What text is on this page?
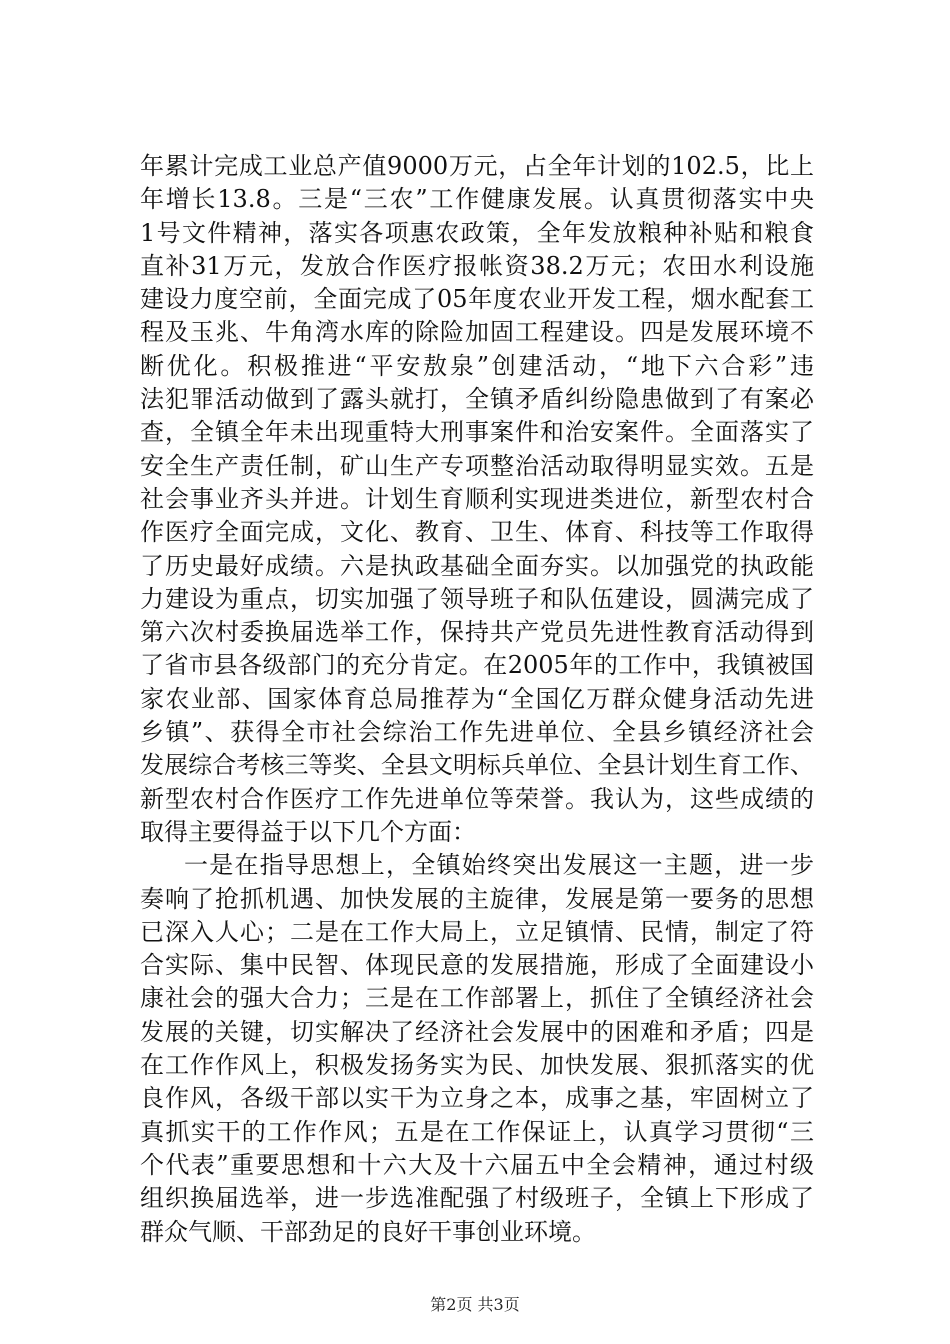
年累计完成工业总产值9000万元，占全年计划的102.5，比上
年增长13.8。三是“三农”工作健康发展。认真贯彻落实中央
1号文件精神，落实各项惠农政策，全年发放粮种补贴和粮食
直补31万元，发放合作医疗报帐资38.2万元；农田水利设施
建设力度空前，全面完成了05年度农业开发工程，烟水配套工
程及玉兆、牛角湾水库的除险加固工程建设。四是发展环境不
断优化。积极推进“平安敖泉”创建活动，“地下六合彩”违
法犯罪活动做到了露头就打，全镇矛盾纠纷隐患做到了有案必
查，全镇全年未出现重特大刑事案件和治安案件。全面落实了
安全生产责任制，矿山生产专项整治活动取得明显实效。五是
社会事业齐头并进。计划生育顺利实现进类进位，新型农村合
作医疗全面完成，文化、教育、卫生、体育、科技等工作取得
了历史最好成绩。六是执政基础全面夯实。以加强党的执政能
力建设为重点，切实加强了领导班子和队伍建设，圆满完成了
第六次村委换届选举工作，保持共产党员先进性教育活动得到
了省市县各级部门的充分肯定。在2005年的工作中，我镇被国
家农业部、国家体育总局推荐为“全国亿万群众健身活动先进
乡镇”、获得全市社会综治工作先进单位、全县乡镇经济社会
发展综合考核三等奖、全县文明标兵单位、全县计划生育工作、
新型农村合作医疗工作先进单位等荣誉。我认为，这些成绩的
取得主要得益于以下几个方面：
一是在指导思想上，全镇始终突出发展这一主题，进一步
奏响了抢抓机遇、加快发展的主旋律，发展是第一要务的思想
已深入人心；二是在工作大局上，立足镇情、民情，制定了符
合实际、集中民智、体现民意的发展措施，形成了全面建设小
康社会的强大合力；三是在工作部署上，抓住了全镇经济社会
发展的关键，切实解决了经济社会发展中的困难和矛盾；四是
在工作作风上，积极发扬务实为民、加快发展、狠抓落实的优
良作风，各级干部以实干为立身之本，成事之基，牢固树立了
真抓实干的工作作风；五是在工作保证上，认真学习贯彻“三
个代表”重要思想和十六大及十六届五中全会精神，通过村级
组织换届选举，进一步选准配强了村级班子，全镇上下形成了
群众气顺、干部劲足的良好干事创业环境。
第2页 共3页
